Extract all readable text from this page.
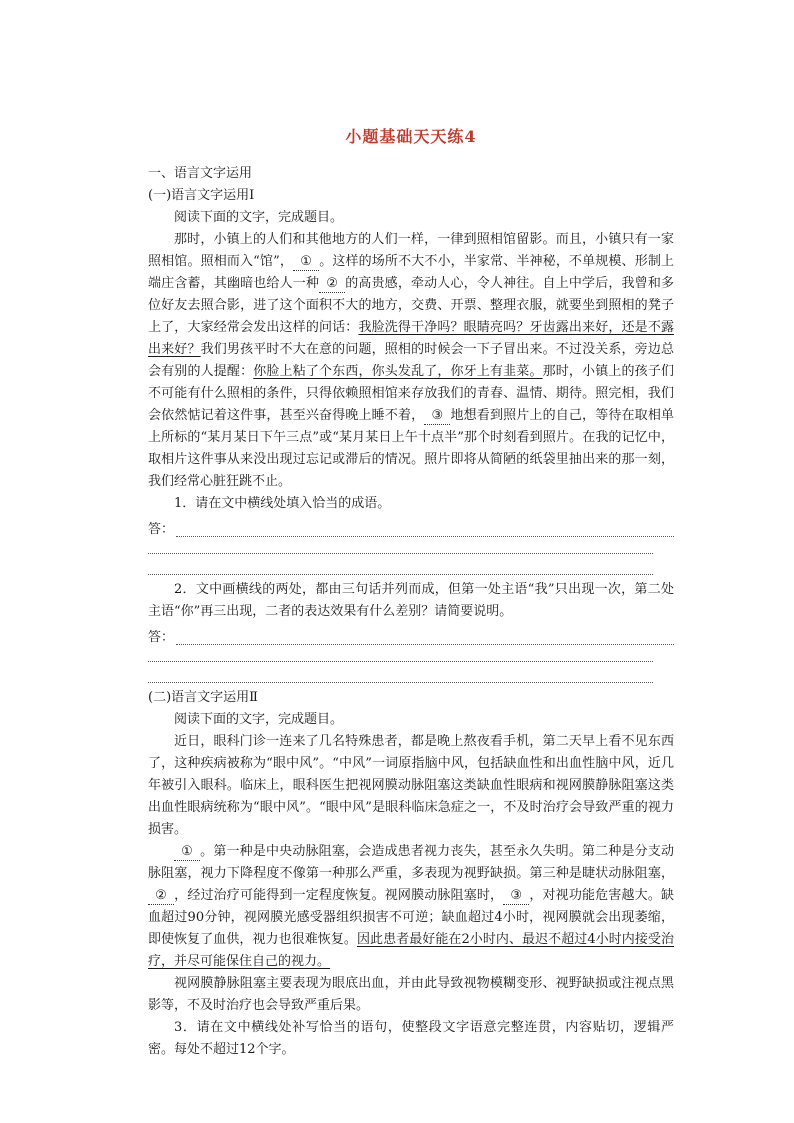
小题基础天天练4
一、语言文字运用
(一)语言文字运用Ⅰ
阅读下面的文字，完成题目。
那时，小镇上的人们和其他地方的人们一样，一律到照相馆留影。而且，小镇只有一家照相馆。照相而入“馆”， ① 。这样的场所不大不小，半家常、半神秘，不单规模、形制上端庄含蓄，其幽暗也给人一种 ② 的高贵感，牵动人心，令人神往。自上中学后，我曾和多位好友去照合影，进了这个面积不大的地方，交费、开票、整理衣服，就要坐到照相的凳子上了，大家经常会发出这样的问话：我脸洗得干净吗？眼睛亮吗？牙齿露出来好，还是不露出来好？我们男孩平时不大在意的问题，照相的时候会一下子冒出来。不过没关系，旁边总会有别的人提醒：你脸上粘了个东西，你头发乱了，你牙上有韭菜。那时，小镇上的孩子们不可能有什么照相的条件，只得依赖照相馆来存放我们的青春、温情、期待。照完相，我们会依然惦记着这件事，甚至兴奋得晚上睡不着， ③ 地想看到照片上的自己，等待在取相单上所标的“某月某日下午三点”或“某月某日上午十点半”那个时刻看到照片。在我的记忆中，取相片这件事从来没出现过忘记或滞后的情况。照片即将从简陋的纸袋里抽出来的那一刻，我们经常心脏狂跳不止。
1．请在文中横线处填入恰当的成语。
答：
2．文中画横线的两处，都由三句话并列而成，但第一处主语“我”只出现一次，第二处主语“你”再三出现，二者的表达效果有什么差别？请简要说明。
答：
(二)语言文字运用Ⅱ
阅读下面的文字，完成题目。
近日，眼科门诊一连来了几名特殊患者，都是晚上熬夜看手机，第二天早上看不见东西了，这种疾病被称为“眼中风”。“中风”一词原指脑中风，包括缺血性和出血性脑中风，近几年被引入眼科。临床上，眼科医生把视网膜动脉阻塞这类缺血性眼病和视网膜静脉阻塞这类出血性眼病统称为“眼中风”。“眼中风”是眼科临床急症之一，不及时治疗会导致严重的视力损害。
① 。第一种是中央动脉阻塞，会造成患者视力丧失，甚至永久失明。第二种是分支动脉阻塞，视力下降程度不像第一种那么严重，多表现为视野缺损。第三种是睫状动脉阻塞，② ，经过治疗可能得到一定程度恢复。视网膜动脉阻塞时， ③ ，对视功能危害越大。缺血超过90分钟，视网膜光感受器组织损害不可逆；缺血超过4小时，视网膜就会出现萎缩，即使恢复了血供，视力也很难恢复。因此患者最好能在2小时内、最迟不超过4小时内接受治疗，并尽可能保住自己的视力。
视网膜静脉阻塞主要表现为眼底出血，并由此导致视物模糊变形、视野缺损或注视点黑影等，不及时治疗也会导致严重后果。
3．请在文中横线处补写恰当的语句，使整段文字语意完整连贯，内容贴切，逻辑严密。每处不超过12个字。
